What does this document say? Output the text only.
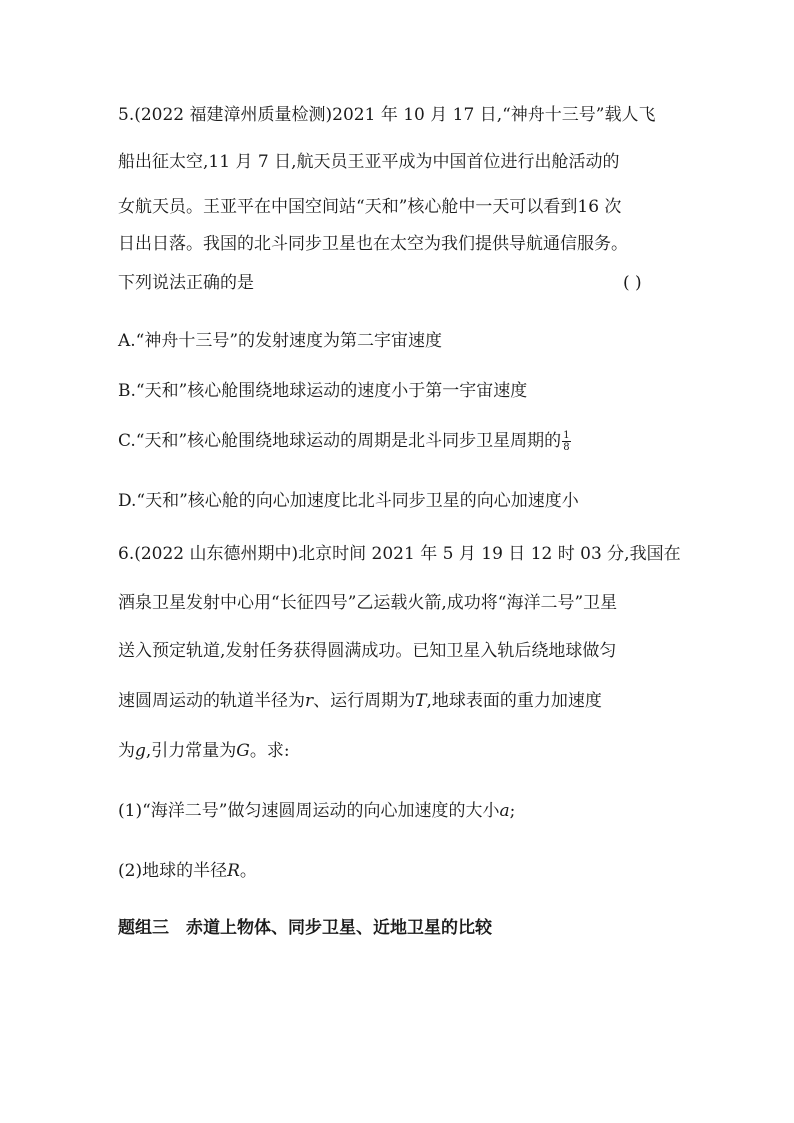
5.(2022 福建漳州质量检测)2021 年 10 月 17 日,“神舟十三号”载人飞
船出征太空,11 月 7 日,航天员王亚平成为中国首位进行出舱活动的
女航天员。王亚平在中国空间站“天和”核心舱中一天可以看到16 次
日出日落。我国的北斗同步卫星也在太空为我们提供导航通信服务。
下列说法正确的是	( )
A.“神舟十三号”的发射速度为第二宇宙速度
B.“天和”核心舱围绕地球运动的速度小于第一宇宙速度
C.“天和”核心舱围绕地球运动的周期是北斗同步卫星周期的 $\frac{1}{8}$
D.“天和”核心舱的向心加速度比北斗同步卫星的向心加速度小
6.(2022 山东德州期中)北京时间 2021 年 5 月 19 日 12 时 03 分,我国在
酒泉卫星发射中心用“长征四号”乙运载火箭,成功将“海洋二号”卫星
送入预定轨道,发射任务获得圆满成功。已知卫星入轨后绕地球做匀
速圆周运动的轨道半径为r、运行周期为T,地球表面的重力加速度
为g,引力常量为G。求:
(1)“海洋二号”做匀速圆周运动的向心加速度的大小a;
(2)地球的半径R。
题组三　赤道上物体、同步卫星、近地卫星的比较
